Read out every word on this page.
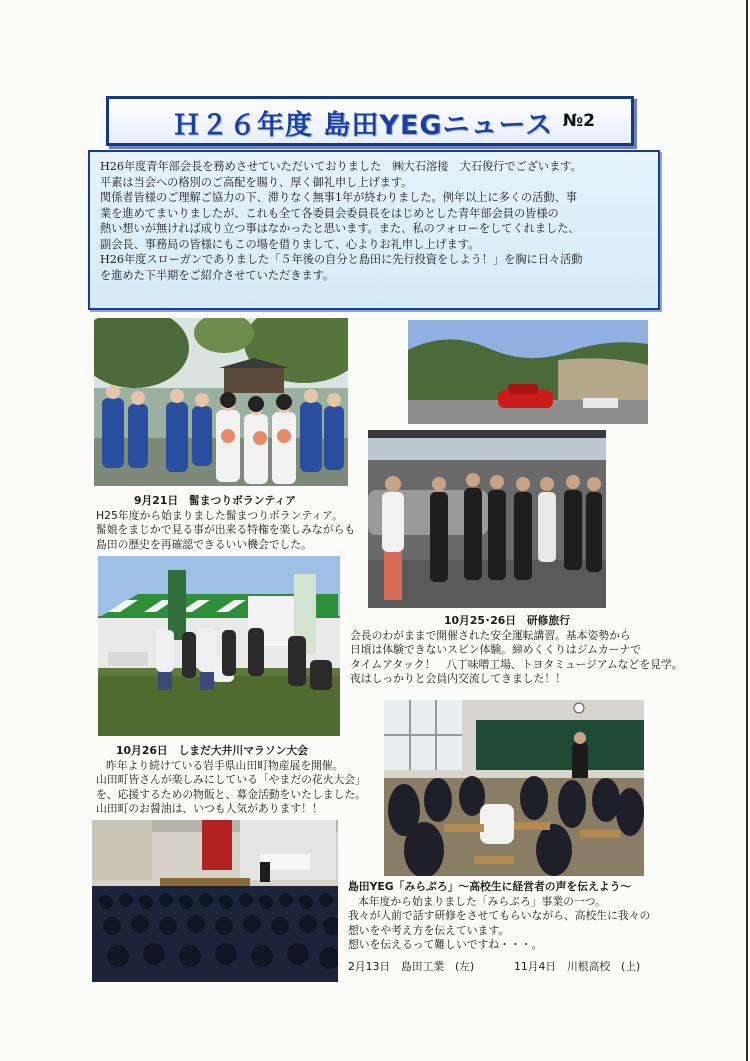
Ｈ２６年度 島田YEGニュース №2

H26年度青年部会長を務めさせていただいておりました　㈱大石溶接　大石俊行でございます。

平素は当会への格別のご高配を賜り、厚く御礼申し上げます。

関係者皆様のご理解ご協力の下、滞りなく無事1年が終わりました。例年以上に多くの活動、事

業を進めてまいりましたが、これも全て各委員会委員長をはじめとした青年部会員の皆様の

熱い想いが無ければ成り立つ事はなかったと思います。また、私のフォローをしてくれました、

副会長、事務局の皆様にもこの場を借りまして、心よりお礼申し上げます。

H26年度スローガンでありました「５年後の自分と島田に先行投資をしよう！」を胸に日々活動

を進めた下半期をご紹介させていただきます。

9月21日　髷まつりボランティア
H25年度から始まりました髷まつりボランティア。
髷娘をまじかで見る事が出来る特権を楽しみながらも
島田の歴史を再確認できるいい機会でした。
10月25･26日　研修旅行
会長のわがままで開催された安全運転講習。基本姿勢から
日頃は体験できないスピン体験。締めくくりはジムカーナで
タイムアタック！　八丁味噌工場、トヨタミュージアムなどを見学。
夜はしっかりと会員内交流してきました！！
10月26日　しまだ大井川マラソン大会
昨年より続けている岩手県山田町物産展を開催。
山田町皆さんが楽しみにしている「やまだの花火大会」
を、応援するための物販と、募金活動をいたしました。
山田町のお醤油は、いつも人気があります！！
島田YEG「みらぷろ」～高校生に経営者の声を伝えよう～
本年度から始まりました「みらぷろ」事業の一つ。
我々が人前で話す研修をさせてもらいながら、高校生に我々の
想いをや考え方を伝えています。
想いを伝えるって難しいですね・・・。
2月13日　島田工業　(左)	11月4日　川根高校　(上)
